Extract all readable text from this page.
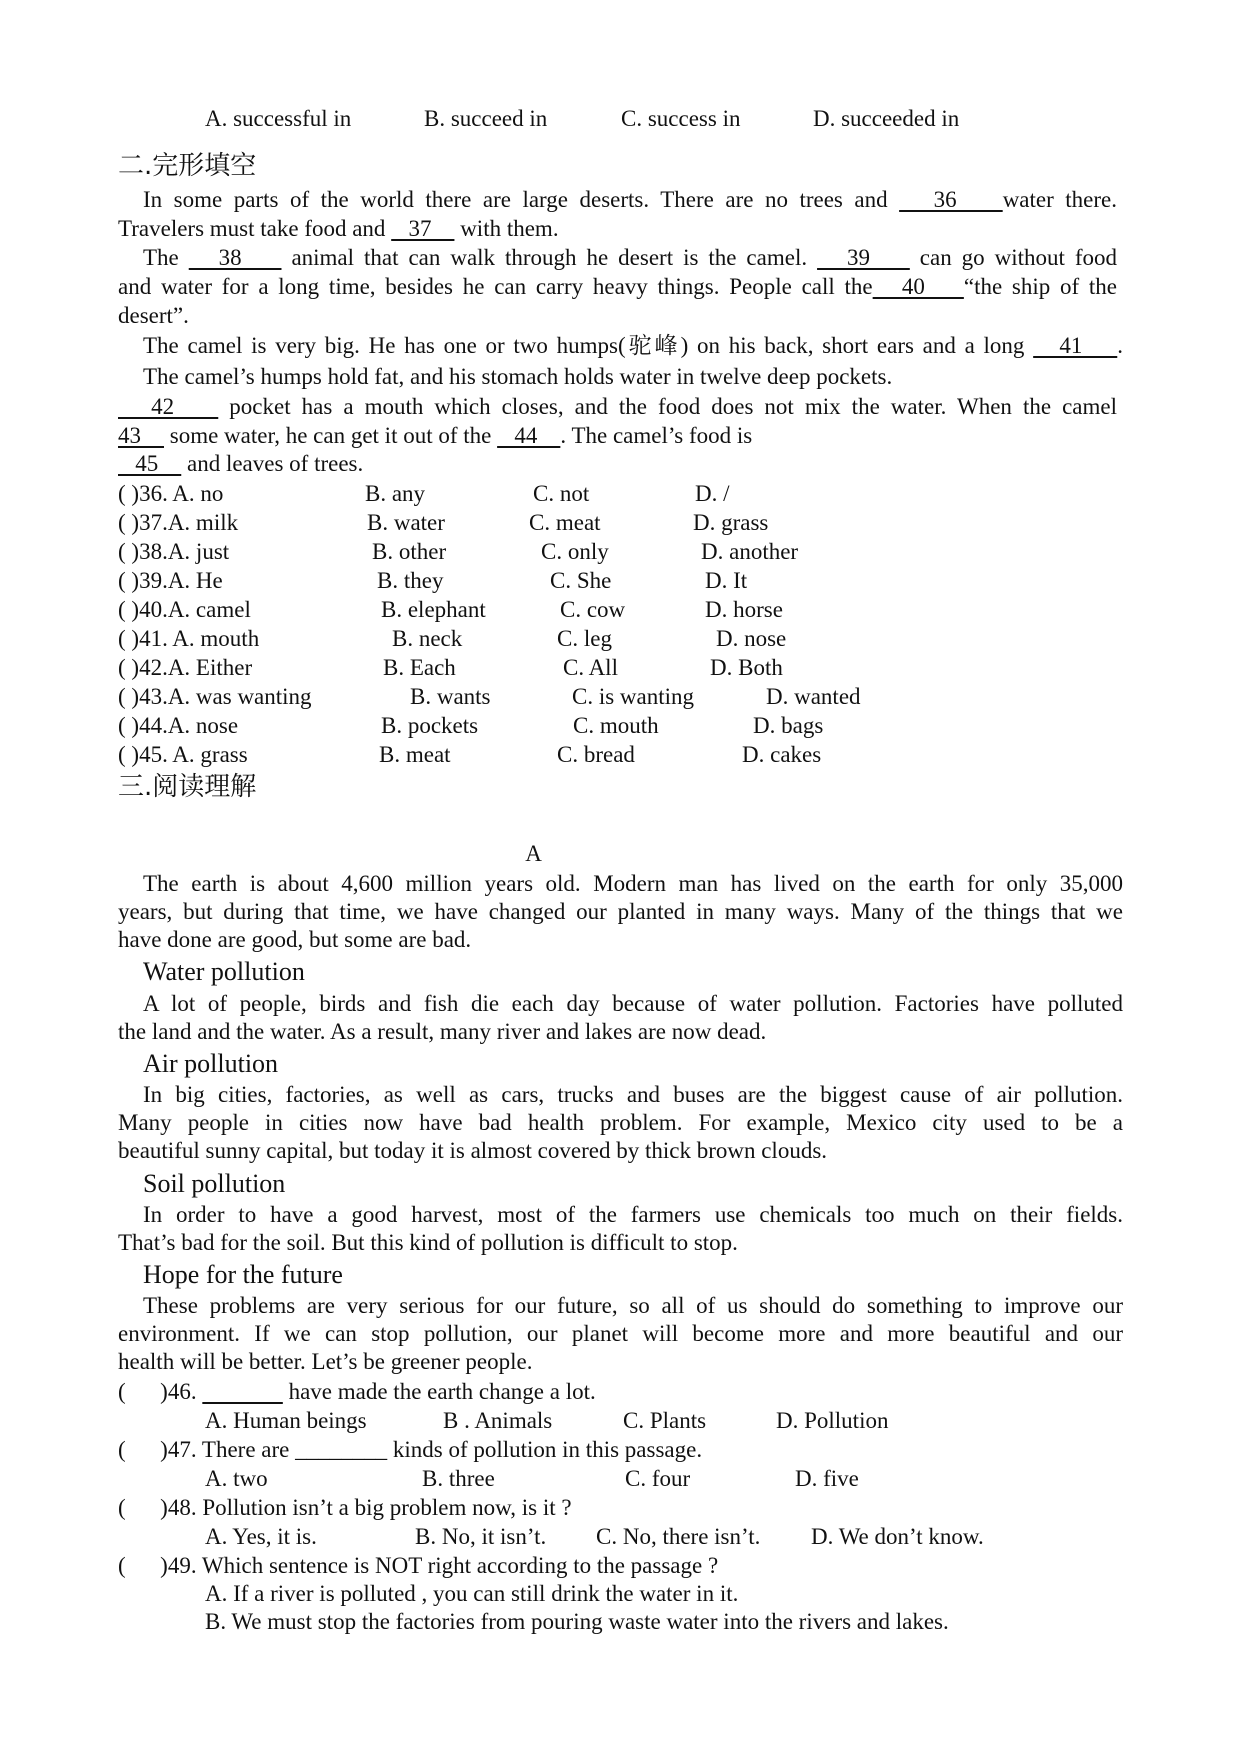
A. successful in	B. succeed in	C. success in	D. succeeded in
二.完形填空
In some parts of the world there are large deserts. There are no trees and    36    water there.
Travelers must take food and    37     with them.
The    38     animal that can walk through he desert is the camel.    39     can go without food
and water for a long time, besides he can carry heavy things. People call the   40    “the ship of the
desert”.
The camel is very big. He has one or two humps(驼峰) on his back, short ears and a long    41    .
The camel’s humps hold fat, and his stomach holds water in twelve deep pockets.
42     pocket has a mouth which closes, and the food does not mix the water. When the camel
43     some water, he can get it out of the    44    . The camel’s food is
45     and leaves of trees.
( )36. A. no	B. any	C. not	D. /
( )37.A. milk	B. water	C. meat	D. grass
( )38.A. just	B. other	C. only	D. another
( )39.A. He	B. they	C. She	D. It
( )40.A. camel	B. elephant	C. cow	D. horse
( )41. A. mouth	B. neck	C. leg	D. nose
( )42.A. Either	B. Each	C. All	D. Both
( )43.A. was wanting	B. wants	C. is wanting	D. wanted
( )44.A. nose	B. pockets	C. mouth	D. bags
( )45. A. grass	B. meat	C. bread	D. cakes
三.阅读理解
A
The earth is about 4,600 million years old. Modern man has lived on the earth for only 35,000
years, but during that time, we have changed our planted in many ways. Many of the things that we
have done are good, but some are bad.
Water pollution
A lot of people, birds and fish die each day because of water pollution. Factories have polluted
the land and the water. As a result, many river and lakes are now dead.
Air pollution
In big cities, factories, as well as cars, trucks and buses are the biggest cause of air pollution.
Many people in cities now have bad health problem. For example, Mexico city used to be a
beautiful sunny capital, but today it is almost covered by thick brown clouds.
Soil pollution
In order to have a good harvest, most of the farmers use chemicals too much on their fields.
That’s bad for the soil. But this kind of pollution is difficult to stop.
Hope for the future
These problems are very serious for our future, so all of us should do something to improve our
environment. If we can stop pollution, our planet will become more and more beautiful and our
health will be better. Let’s be greener people.
(      )46.	have made the earth change a lot.
A. Human beings	B . Animals	C. Plants	D. Pollution
(      )47. There are ________ kinds of pollution in this passage.
A. two	B. three	C. four	D. five
(      )48. Pollution isn’t a big problem now, is it ?
A. Yes, it is.	B. No, it isn’t. C. No, there isn’t. D. We don’t know.
(      )49. Which sentence is NOT right according to the passage ?
A. If a river is polluted , you can still drink the water in it.
B. We must stop the factories from pouring waste water into the rivers and lakes.
